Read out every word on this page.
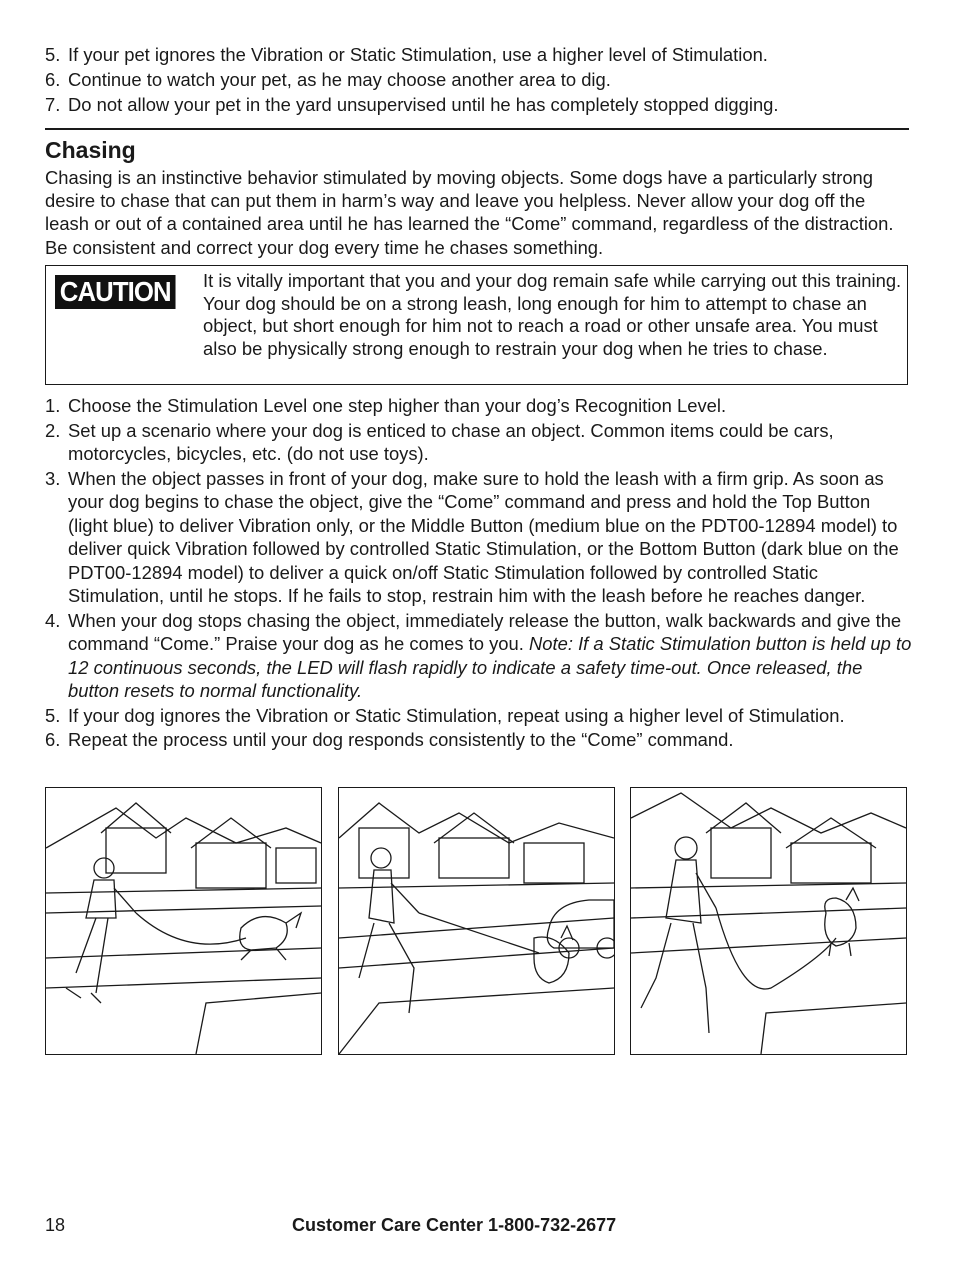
5. If your pet ignores the Vibration or Static Stimulation, use a higher level of Stimulation.
6. Continue to watch your pet, as he may choose another area to dig.
7. Do not allow your pet in the yard unsupervised until he has completely stopped digging.
Chasing
Chasing is an instinctive behavior stimulated by moving objects. Some dogs have a particularly strong desire to chase that can put them in harm’s way and leave you helpless. Never allow your dog off the leash or out of a contained area until he has learned the “Come” command, regardless of the distraction. Be consistent and correct your dog every time he chases something.
CAUTION It is vitally important that you and your dog remain safe while carrying out this training. Your dog should be on a strong leash, long enough for him to attempt to chase an object, but short enough for him not to reach a road or other unsafe area. You must also be physically strong enough to restrain your dog when he tries to chase.
1. Choose the Stimulation Level one step higher than your dog’s Recognition Level.
2. Set up a scenario where your dog is enticed to chase an object. Common items could be cars, motorcycles, bicycles, etc. (do not use toys).
3. When the object passes in front of your dog, make sure to hold the leash with a firm grip. As soon as your dog begins to chase the object, give the “Come” command and press and hold the Top Button (light blue) to deliver Vibration only, or the Middle Button (medium blue on the PDT00-12894 model) to deliver quick Vibration followed by controlled Static Stimulation, or the Bottom Button (dark blue on the PDT00-12894 model) to deliver a quick on/off Static Stimulation followed by controlled Static Stimulation, until he stops. If he fails to stop, restrain him with the leash before he reaches danger.
4. When your dog stops chasing the object, immediately release the button, walk backwards and give the command “Come.” Praise your dog as he comes to you. Note: If a Static Stimulation button is held up to 12 continuous seconds, the LED will flash rapidly to indicate a safety time-out. Once released, the button resets to normal functionality.
5. If your dog ignores the Vibration or Static Stimulation, repeat using a higher level of Stimulation.
6. Repeat the process until your dog responds consistently to the “Come” command.
18	Customer Care Center 1-800-732-2677
